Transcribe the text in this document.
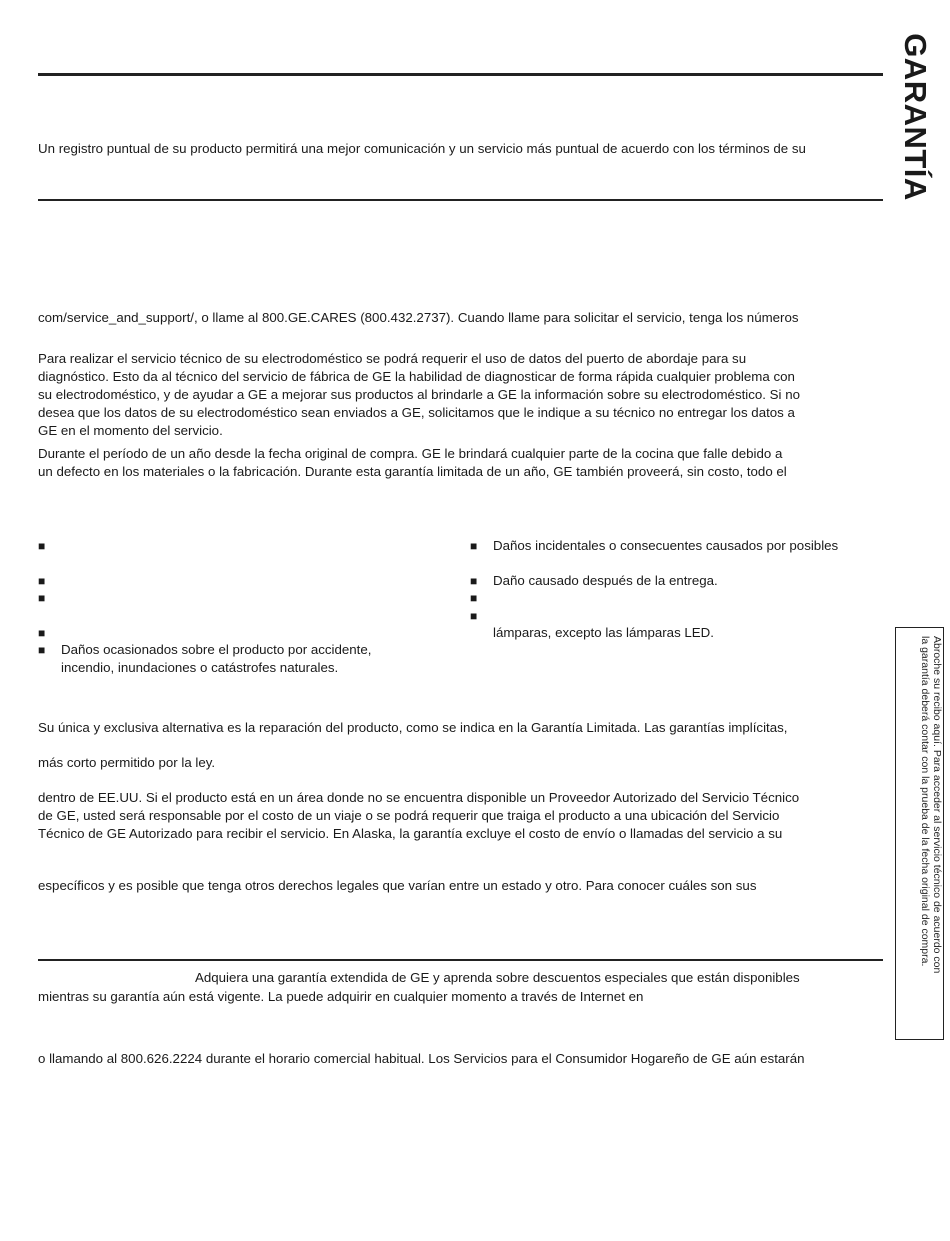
GARANTÍA
Un registro puntual de su producto permitirá una mejor comunicación y un servicio más puntual de acuerdo con los términos de su
com/service_and_support/, o llame al 800.GE.CARES (800.432.2737). Cuando llame para solicitar el servicio, tenga los números

Para realizar el servicio técnico de su electrodoméstico se podrá requerir el uso de datos del puerto de abordaje para su

diagnóstico. Esto da al técnico del servicio de fábrica de GE la habilidad de diagnosticar de forma rápida cualquier problema con

su electrodoméstico, y de ayudar a GE a mejorar sus productos al brindarle a GE la información sobre su electrodoméstico. Si no

desea que los datos de su electrodoméstico sean enviados a GE, solicitamos que le indique a su técnico no entregar los datos a

GE en el momento del servicio.

Durante el período de un año desde la fecha original de compra. GE le brindará cualquier parte de la cocina que falle debido a

un defecto en los materiales o la fabricación. Durante esta garantía limitada de un año, GE también proveerá, sin costo, todo el

■
■
■
■
■ Daños ocasionados sobre el producto por accidente,
incendio, inundaciones o catástrofes naturales.
■ Daños incidentales o consecuentes causados por posibles
■ Daño causado después de la entrega.
■
■
lámparas, excepto las lámparas LED.
Su única y exclusiva alternativa es la reparación del producto, como se indica en la Garantía Limitada. Las garantías implícitas,
más corto permitido por la ley.

dentro de EE.UU. Si el producto está en un área donde no se encuentra disponible un Proveedor Autorizado del Servicio Técnico

de GE, usted será responsable por el costo de un viaje o se podrá requerir que traiga el producto a una ubicación del Servicio

Técnico de GE Autorizado para recibir el servicio. En Alaska, la garantía excluye el costo de envío o llamadas del servicio a su

específicos y es posible que tenga otros derechos legales que varían entre un estado y otro. Para conocer cuáles son sus
Adquiera una garantía extendida de GE y aprenda sobre descuentos especiales que están disponibles
mientras su garantía aún está vigente. La puede adquirir en cualquier momento a través de Internet en
o llamando al 800.626.2224 durante el horario comercial habitual. Los Servicios para el Consumidor Hogareño de GE aún estarán

Abroche su recibo aquí. Para acceder al servicio técnico de acuerdo con

la garantía deberá contar con la prueba de la fecha original de compra.
